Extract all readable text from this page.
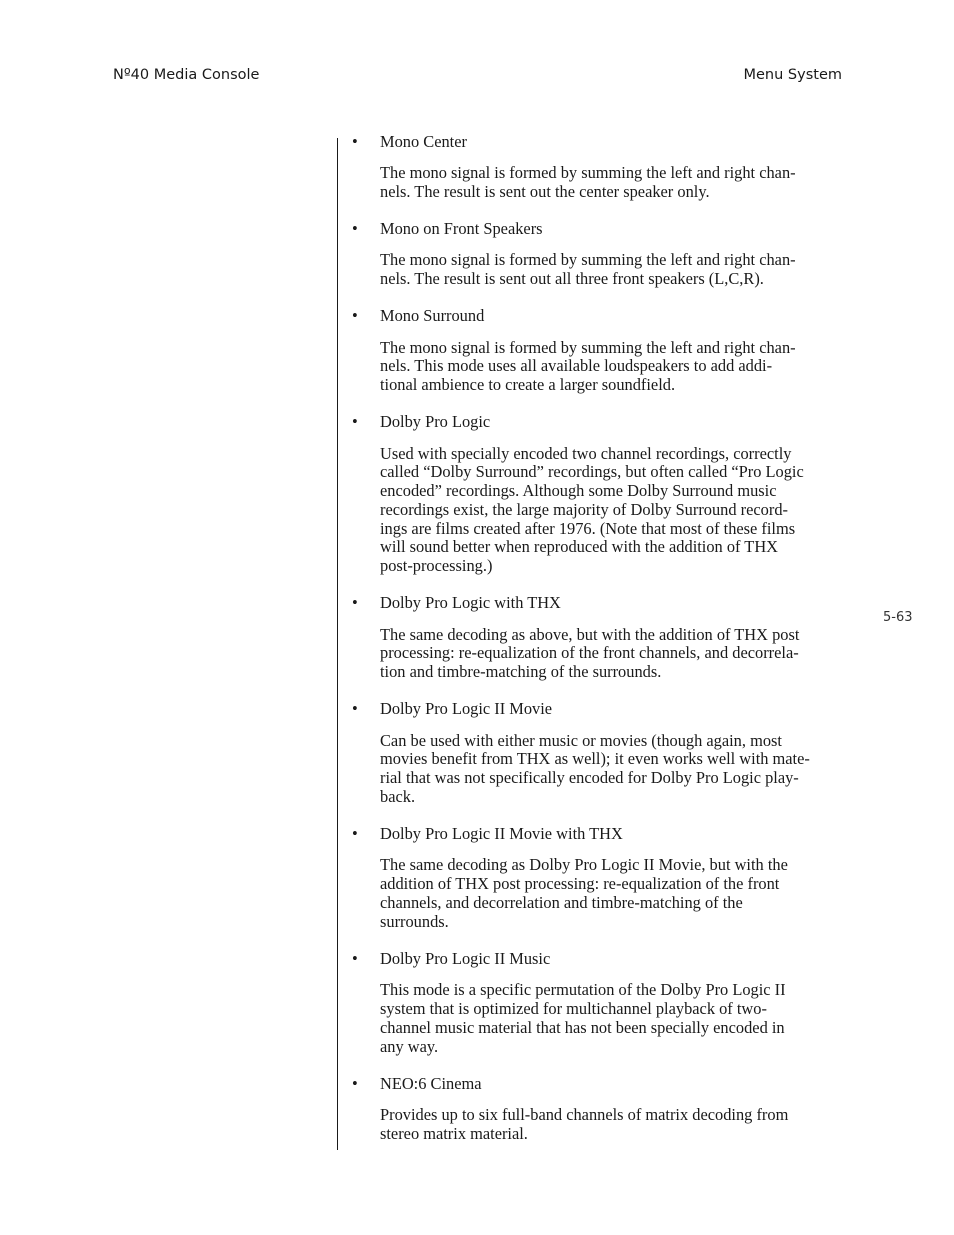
Nº40 Media Console	Menu System
5-63
•	Mono Center
The mono signal is formed by summing the left and right chan-
nels. The result is sent out the center speaker only.
•	Mono on Front Speakers
The mono signal is formed by summing the left and right chan-
nels. The result is sent out all three front speakers (L,C,R).
•	Mono Surround
The mono signal is formed by summing the left and right chan-
nels. This mode uses all available loudspeakers to add addi-
tional ambience to create a larger soundfield.
•	Dolby Pro Logic
Used with specially encoded two channel recordings, correctly
called “Dolby Surround” recordings, but often called “Pro Logic
encoded” recordings. Although some Dolby Surround music
recordings exist, the large majority of Dolby Surround record-
ings are films created after 1976. (Note that most of these films
will sound better when reproduced with the addition of THX
post-processing.)
•	Dolby Pro Logic with THX
The same decoding as above, but with the addition of THX post
processing: re-equalization of the front channels, and decorrela-
tion and timbre-matching of the surrounds.
•	Dolby Pro Logic II Movie
Can be used with either music or movies (though again, most
movies benefit from THX as well); it even works well with mate-
rial that was not specifically encoded for Dolby Pro Logic play-
back.
•	Dolby Pro Logic II Movie with THX
The same decoding as Dolby Pro Logic II Movie, but with the
addition of THX post processing: re-equalization of the front
channels, and decorrelation and timbre-matching of the
surrounds.
•	Dolby Pro Logic II Music
This mode is a specific permutation of the Dolby Pro Logic II
system that is optimized for multichannel playback of two-
channel music material that has not been specially encoded in
any way.
•	NEO:6 Cinema
Provides up to six full-band channels of matrix decoding from
stereo matrix material.
